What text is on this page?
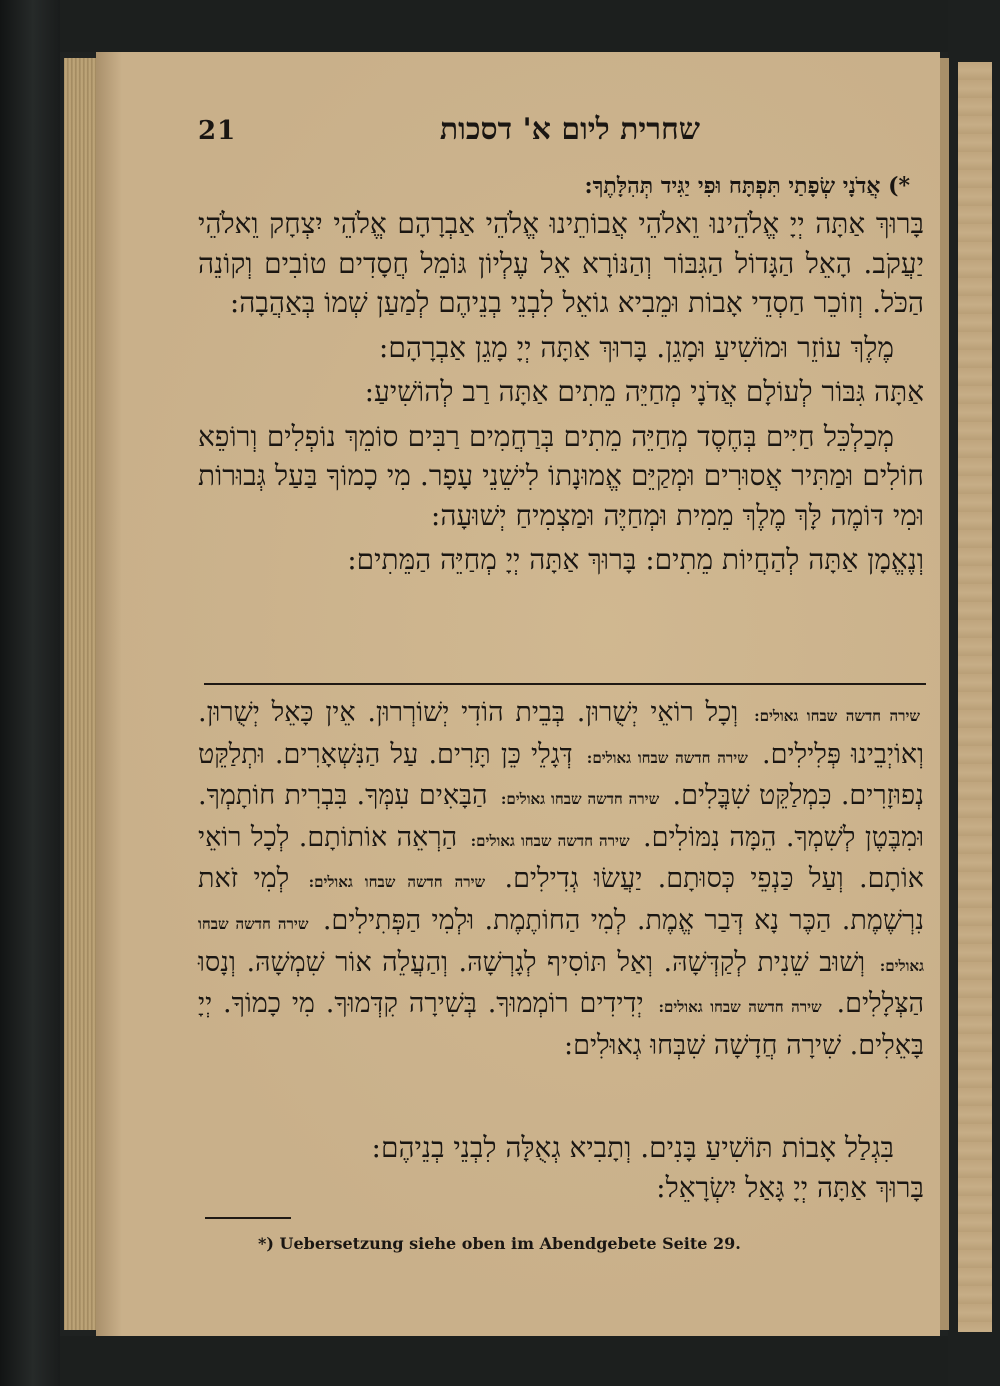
21	שחרית ליום א' דסכות
*) אֲדֹנָי שְׂפָתַי תִּפְתָּח וּפִי יַגִּיד תְּהִלָּתֶךָ:

בָּרוּךְ אַתָּה יְיָ אֱלֹהֵינוּ וֵאלֹהֵי אֲבוֹתֵינוּ אֱלֹהֵי אַבְרָהָם אֱלֹהֵי יִצְחָק וֵאלֹהֵי יַעֲקֹב. הָאֵל הַגָּדוֹל הַגִּבּוֹר וְהַנּוֹרָא אֵל עֶלְיוֹן גּוֹמֵל חֲסָדִים טוֹבִים וְקוֹנֵה הַכֹּל. וְזוֹכֵר חַסְדֵי אָבוֹת וּמֵבִיא גוֹאֵל לִבְנֵי בְנֵיהֶם לְמַעַן שְׁמוֹ בְּאַהֲבָה:

מֶלֶךְ עוֹזֵר וּמוֹשִׁיעַ וּמָגֵן. בָּרוּךְ אַתָּה יְיָ מָגֵן אַבְרָהָם:

אַתָּה גִּבּוֹר לְעוֹלָם אֲדֹנָי מְחַיֵּה מֵתִים אַתָּה רַב לְהוֹשִׁיעַ:

מְכַלְכֵּל חַיִּים בְּחֶסֶד מְחַיֵּה מֵתִים בְּרַחֲמִים רַבִּים סוֹמֵךְ נוֹפְלִים וְרוֹפֵא חוֹלִים וּמַתִּיר אֲסוּרִים וּמְקַיֵּם אֱמוּנָתוֹ לִישֵׁנֵי עָפָר. מִי כָמוֹךָ בַּעַל גְּבוּרוֹת וּמִי דּוֹמֶה לָּךְ מֶלֶךְ מֵמִית וּמְחַיֶּה וּמַצְמִיחַ יְשׁוּעָה:

וְנֶאֱמָן אַתָּה לְהַחֲיוֹת מֵתִים: בָּרוּךְ אַתָּה יְיָ מְחַיֵּה הַמֵּתִים:

שירה חדשה שבחו גאולים: וְכָל רוֹאֵי יְשֻׁרוּן. בְּבֵית הוֹדִי יְשׁוֹרְרוּן. אֵין כָּאֵל יְשֻׁרוּן. וְאוֹיְבֵינוּ פְּלִילִים. שירה חדשה שבחו גאולים: דְּגָלֵי כֵּן תָּרִים. עַל הַנִּשְׁאָרִים. וּתְלַקֵּט נְפוּזָרִים. כִּמְלַקֵּט שִׁבֳּלִים. שירה חדשה שבחו גאולים: הַבָּאִים עִמְּךָ. בִּבְרִית חוֹתָמְךָ. וּמִבֶּטֶן לְשִׁמְךָ. הֵמָּה נִמּוֹלִים. שירה חדשה שבחו גאולים: הַרְאֵה אוֹתוֹתָם. לְכָל רוֹאֵי אוֹתָם. וְעַל כַּנְפֵי כְּסוּתָם. יַעֲשׂוּ גְדִילִים. שירה חדשה שבחו גאולים: לְמִי זֹאת נִרְשֶׁמֶת. הַכֶּר נָא דְּבַר אֱמֶת. לְמִי הַחוֹתֶמֶת. וּלְמִי הַפְּתִילִים. שירה חדשה שבחו גאולים: וְשׁוּב שֵׁנִית לְקַדְּשָׁהּ. וְאַל תּוֹסִיף לְגָרְשָׁהּ. וְהַעֲלֵה אוֹר שִׁמְשָׁהּ. וְנָסוּ הַצְּלָלִים. שירה חדשה שבחו גאולים: יְדִידִים רוֹמְמוּךָ. בְּשִׁירָה קִדְּמוּךָ. מִי כָמוֹךָ. יְיָ בָּאֵלִים. שִׁירָה חֲדָשָׁה שִׁבְּחוּ גְאוּלִים:

בִּגְלַל אָבוֹת תּוֹשִׁיעַ בָּנִים. וְתָבִיא גְאֻלָּה לִבְנֵי בְנֵיהֶם:

בָּרוּךְ אַתָּה יְיָ גָּאַל יִשְׂרָאֵל:

*) Uebersetzung siehe oben im Abendgebete Seite 29.
